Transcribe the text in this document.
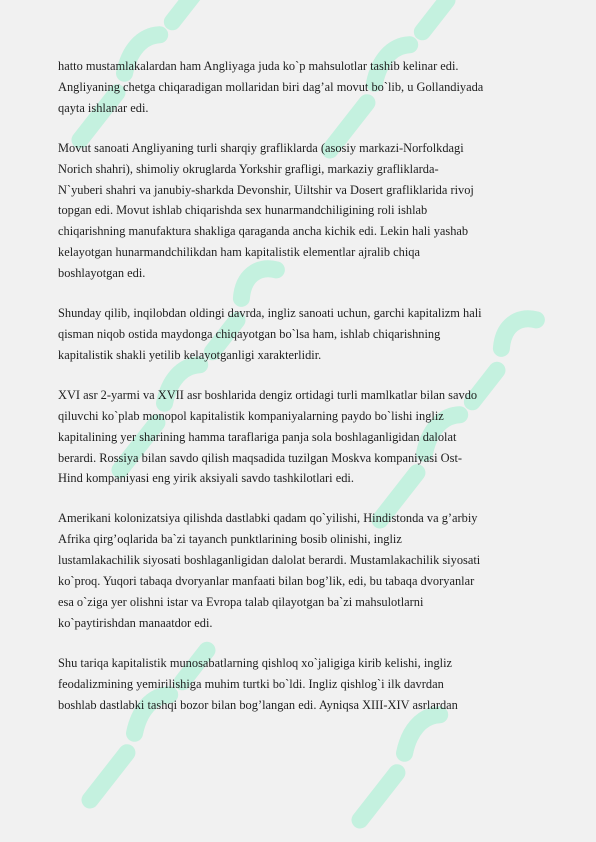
hatto mustamlakalardan ham Angliyaga juda ko`p mahsulotlar tashib kelinar edi.
Angliyaning chetga chiqaradigan mollaridan biri dag’al movut bo`lib, u Gollandiyada
qayta ishlanar edi.
Movut sanoati Angliyaning turli sharqiy grafliklarda (asosiy markazi-Norfolkdagi
Norich shahri), shimoliy okruglarda Yorkshir grafligi, markaziy grafliklarda-
N`yuberi shahri va janubiy-sharkda Devonshir, Uiltshir va Dosert grafliklarida rivoj
topgan edi. Movut ishlab chiqarishda sex hunarmandchiligining roli ishlab
chiqarishning manufaktura shakliga qaraganda ancha kichik edi. Lekin hali yashab
kelayotgan hunarmandchilikdan ham kapitalistik elementlar ajralib chiqa
boshlayotgan edi.
Shunday qilib, inqilobdan oldingi davrda, ingliz sanoati uchun, garchi kapitalizm hali
qisman niqob ostida maydonga chiqayotgan bo`lsa ham, ishlab chiqarishning
kapitalistik shakli yetilib kelayotganligi xarakterlidir.
XVI asr 2-yarmi va XVII asr boshlarida dengiz ortidagi turli mamlkatlar bilan savdo
qiluvchi ko`plab monopol kapitalistik kompaniyalarning paydo bo`lishi ingliz
kapitalining yer sharining hamma taraflariga panja sola boshlaganligidan dalolat
berardi. Rossiya bilan savdo qilish maqsadida tuzilgan Moskva kompaniyasi Ost-
Hind kompaniyasi eng yirik aksiyali savdo tashkilotlari edi.
Amerikani kolonizatsiya qilishda dastlabki qadam qo`yilishi, Hindistonda va g’arbiy
Afrika qirg’oqlarida ba`zi tayanch punktlarining bosib olinishi, ingliz
lustamlakachilik siyosati boshlaganligidan dalolat berardi. Mustamlakachilik siyosati
ko`proq. Yuqori tabaqa dvoryanlar manfaati bilan bog’lik, edi, bu tabaqa dvoryanlar
esa o`ziga yer olishni istar va Evropa talab qilayotgan ba`zi mahsulotlarni
ko`paytirishdan manaatdor edi.
Shu tariqa kapitalistik munosabatlarning qishloq xo`jaligiga kirib kelishi, ingliz
feodalizmining yemirilishiga muhim turtki bo`ldi. Ingliz qishlog`i ilk davrdan
boshlab dastlabki tashqi bozor bilan bog’langan edi. Ayniqsa XIII-XIV asrlardan
